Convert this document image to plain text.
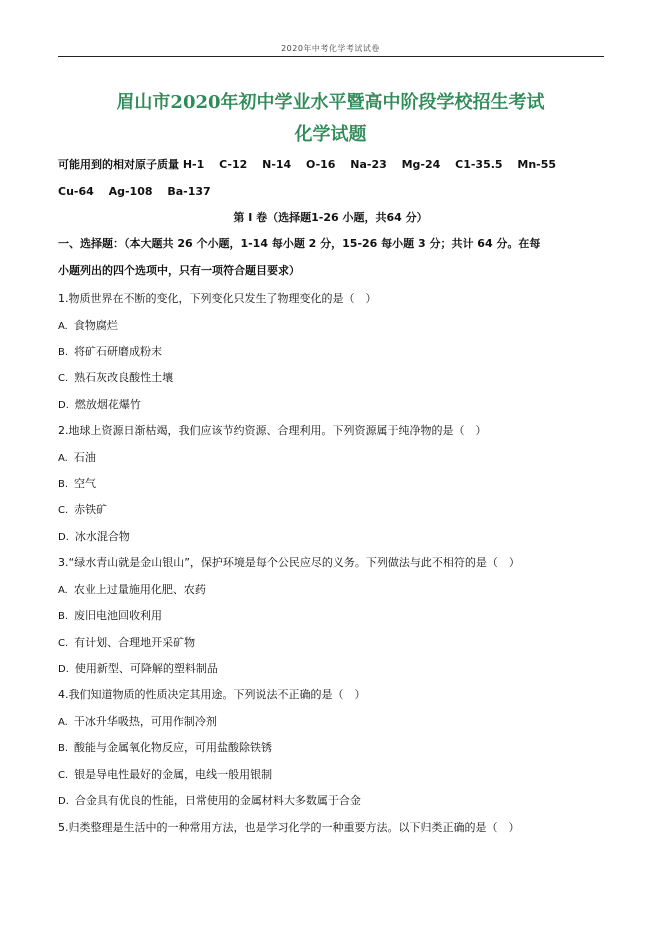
2020年中考化学考试试卷
眉山市2020年初中学业水平暨高中阶段学校招生考试
化学试题
可能用到的相对原子质量 H-1　 C-12　 N-14　 O-16　 Na-23　 Mg-24　 C1-35.5　 Mn-55
Cu-64　 Ag-108　 Ba-137
第 I 卷（选择题1-26 小题，共64 分）
一、选择题：（本大题共 26 个小题，1-14 每小题 2 分，15-26 每小题 3 分；共计 64 分。在每
小题列出的四个选项中，只有一项符合题目要求）
1.物质世界在不断的变化，下列变化只发生了物理变化的是（　）
A. 食物腐烂
B. 将矿石研磨成粉末
C. 熟石灰改良酸性土壤
D. 燃放烟花爆竹
2.地球上资源日渐枯竭，我们应该节约资源、合理利用。下列资源属于纯净物的是（　）
A. 石油
B. 空气
C. 赤铁矿
D. 冰水混合物
3.“绿水青山就是金山银山”，保护环境是每个公民应尽的义务。下列做法与此不相符的是（　）
A. 农业上过量施用化肥、农药
B. 废旧电池回收利用
C. 有计划、合理地开采矿物
D. 使用新型、可降解的塑料制品
4.我们知道物质的性质决定其用途。下列说法不正确的是（　）
A. 干冰升华吸热，可用作制冷剂
B. 酸能与金属氧化物反应，可用盐酸除铁锈
C. 银是导电性最好的金属，电线一般用银制
D. 合金具有优良的性能，日常使用的金属材料大多数属于合金
5.归类整理是生活中的一种常用方法，也是学习化学的一种重要方法。以下归类正确的是（　）
